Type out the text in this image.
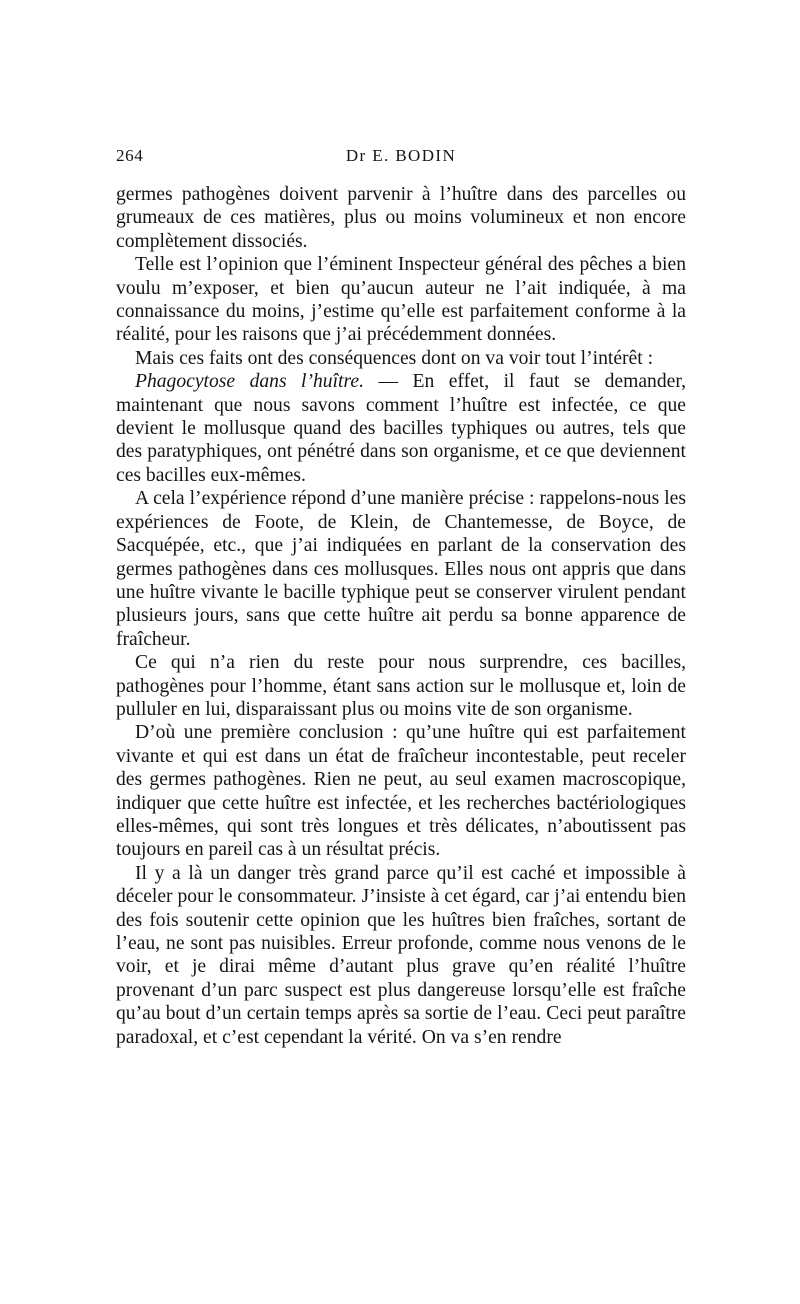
264	Dr E. BODIN

germes pathogènes doivent parvenir à l’huître dans des parcelles ou grumeaux de ces matières, plus ou moins volumineux et non encore complètement dissociés.

Telle est l’opinion que l’éminent Inspecteur général des pêches a bien voulu m’exposer, et bien qu’aucun auteur ne l’ait indiquée, à ma connaissance du moins, j’estime qu’elle est parfaitement conforme à la réalité, pour les raisons que j’ai précédemment données.

Mais ces faits ont des conséquences dont on va voir tout l’intérêt :

Phagocytose dans l’huître. — En effet, il faut se demander, maintenant que nous savons comment l’huître est infectée, ce que devient le mollusque quand des bacilles typhiques ou autres, tels que des paratyphiques, ont pénétré dans son organisme, et ce que deviennent ces bacilles eux-mêmes.

A cela l’expérience répond d’une manière précise : rappelons-nous les expériences de Foote, de Klein, de Chantemesse, de Boyce, de Sacquépée, etc., que j’ai indiquées en parlant de la conservation des germes pathogènes dans ces mollusques. Elles nous ont appris que dans une huître vivante le bacille typhique peut se conserver virulent pendant plusieurs jours, sans que cette huître ait perdu sa bonne apparence de fraîcheur.

Ce qui n’a rien du reste pour nous surprendre, ces bacilles, pathogènes pour l’homme, étant sans action sur le mollusque et, loin de pulluler en lui, disparaissant plus ou moins vite de son organisme.

D’où une première conclusion : qu’une huître qui est parfaitement vivante et qui est dans un état de fraîcheur incontestable, peut receler des germes pathogènes. Rien ne peut, au seul examen macroscopique, indiquer que cette huître est infectée, et les recherches bactériologiques elles-mêmes, qui sont très longues et très délicates, n’aboutissent pas toujours en pareil cas à un résultat précis.

Il y a là un danger très grand parce qu’il est caché et impossible à déceler pour le consommateur. J’insiste à cet égard, car j’ai entendu bien des fois soutenir cette opinion que les huîtres bien fraîches, sortant de l’eau, ne sont pas nuisibles. Erreur profonde, comme nous venons de le voir, et je dirai même d’autant plus grave qu’en réalité l’huître provenant d’un parc suspect est plus dangereuse lorsqu’elle est fraîche qu’au bout d’un certain temps après sa sortie de l’eau. Ceci peut paraître paradoxal, et c’est cependant la vérité. On va s’en rendre
